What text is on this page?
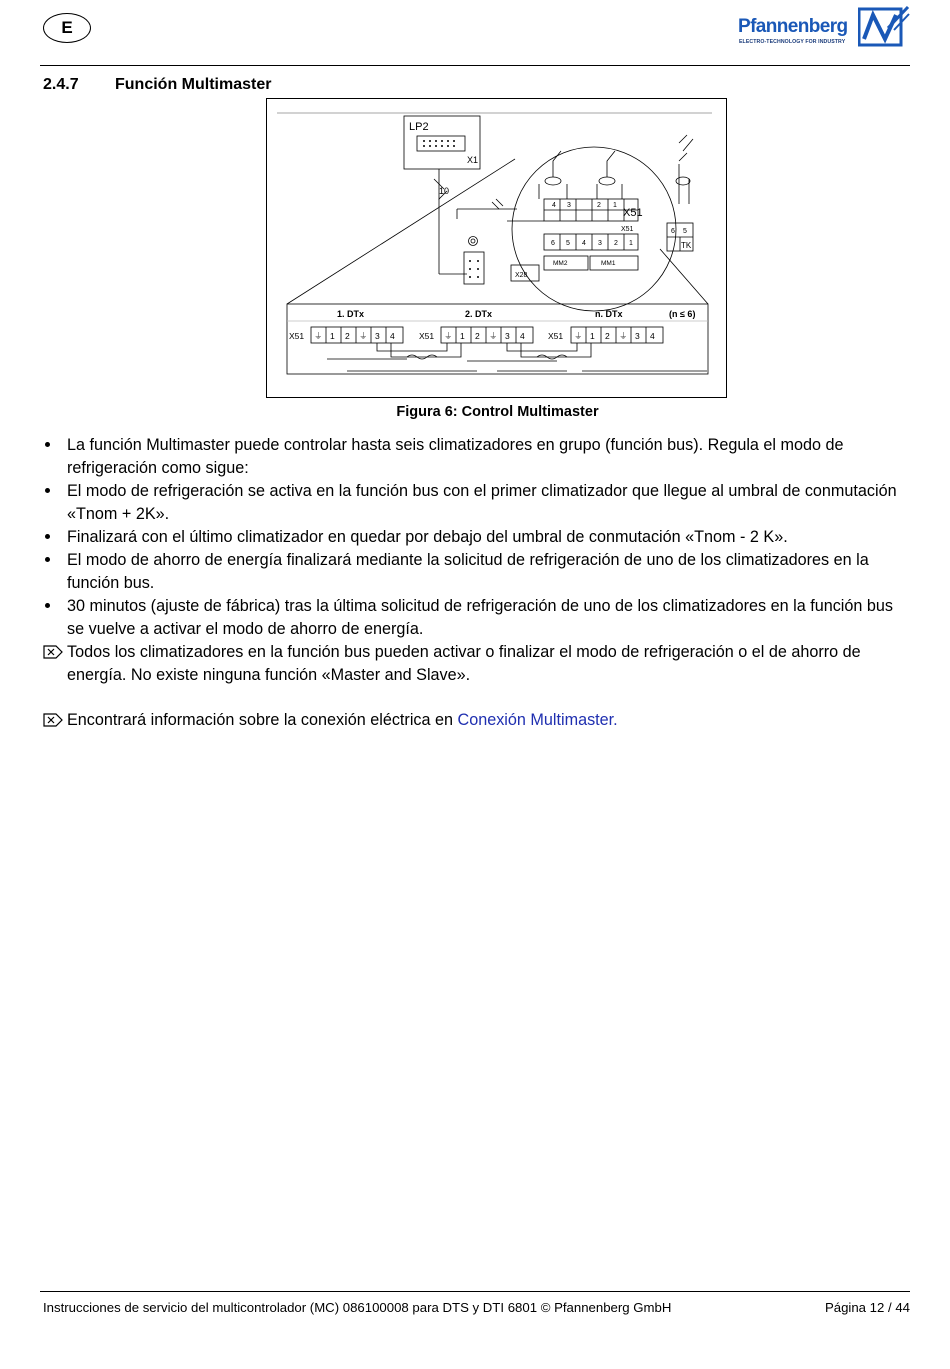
E	Pfannenberg
ELECTRO-TECHNOLOGY FOR INDUSTRY
2.4.7 Función Multimaster
LP2
X1
10
X28
X51
X51
MM2	MM1
TK
4 3	2 1
6 5 4 3 2 1
6 5
1. DTx	2. DTx	n. DTx	(n ≤ 6)
X51	X51	X51
⏚ 1 2 ⏚ 3 4	⏚ 1 2 ⏚ 3 4	⏚ 1 2 ⏚ 3 4
Figura 6: Control Multimaster

La función Multimaster puede controlar hasta seis climatizadores en grupo (función bus). Regula el modo de refrigeración como sigue:

El modo de refrigeración se activa en la función bus con el primer climatizador que llegue al umbral de conmutación «Tnom + 2K».

Finalizará con el último climatizador en quedar por debajo del umbral de conmutación «Tnom - 2 K».

El modo de ahorro de energía finalizará mediante la solicitud de refrigeración de uno de los climatizadores en la función bus.

30 minutos (ajuste de fábrica) tras la última solicitud de refrigeración de uno de los climatizadores en la función bus se vuelve a activar el modo de ahorro de energía.

Todos los climatizadores en la función bus pueden activar o finalizar el modo de refrigeración o el de ahorro de energía. No existe ninguna función «Master and Slave».

Encontrará información sobre la conexión eléctrica en Conexión Multimaster.

Instrucciones de servicio del multicontrolador (MC) 086100008 para DTS y DTI 6801 © Pfannenberg GmbH	Página 12 / 44
